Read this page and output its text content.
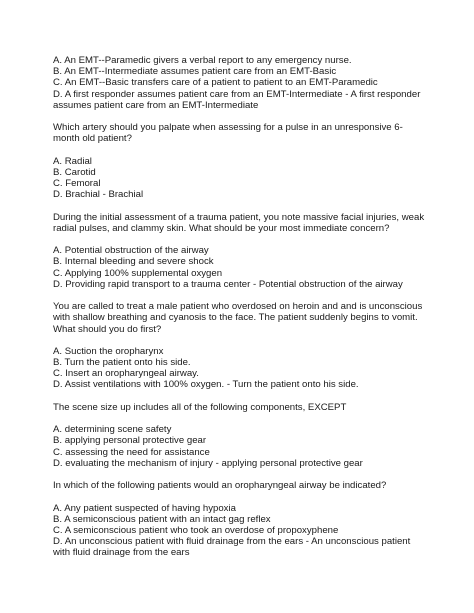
A. An EMT--Paramedic givers a verbal report to any emergency nurse.

B. An EMT--Intermediate assumes patient care from an EMT-Basic

C. An EMT--Basic transfers care of a patient to patient to an EMT-Paramedic

D. A first responder assumes patient care from an EMT-Intermediate - A first responder

assumes patient care from an EMT-Intermediate

Which artery should you palpate when assessing for a pulse in an unresponsive 6-

month old patient?

A. Radial

B. Carotid

C. Femoral

D. Brachial - Brachial

During the initial assessment of a trauma patient, you note massive facial injuries, weak

radial pulses, and clammy skin. What should be your most immediate concern?

A. Potential obstruction of the airway

B. Internal bleeding and severe shock

C. Applying 100% supplemental oxygen

D. Providing rapid transport to a trauma center - Potential obstruction of the airway

You are called to treat a male patient who overdosed on heroin and and is unconscious

with shallow breathing and cyanosis to the face. The patient suddenly begins to vomit.

What should you do first?

A. Suction the oropharynx

B. Turn the patient onto his side.

C. Insert an oropharyngeal airway.

D. Assist ventilations with 100% oxygen. - Turn the patient onto his side.

The scene size up includes all of the following components, EXCEPT

A. determining scene safety

B. applying personal protective gear

C. assessing the need for assistance

D. evaluating the mechanism of injury - applying personal protective gear

In which of the following patients would an oropharyngeal airway be indicated?

A. Any patient suspected of having hypoxia

B. A semiconscious patient with an intact gag reflex

C. A semiconscious patient who took an overdose of propoxyphene

D. An unconscious patient with fluid drainage from the ears - An unconscious patient

with fluid drainage from the ears
